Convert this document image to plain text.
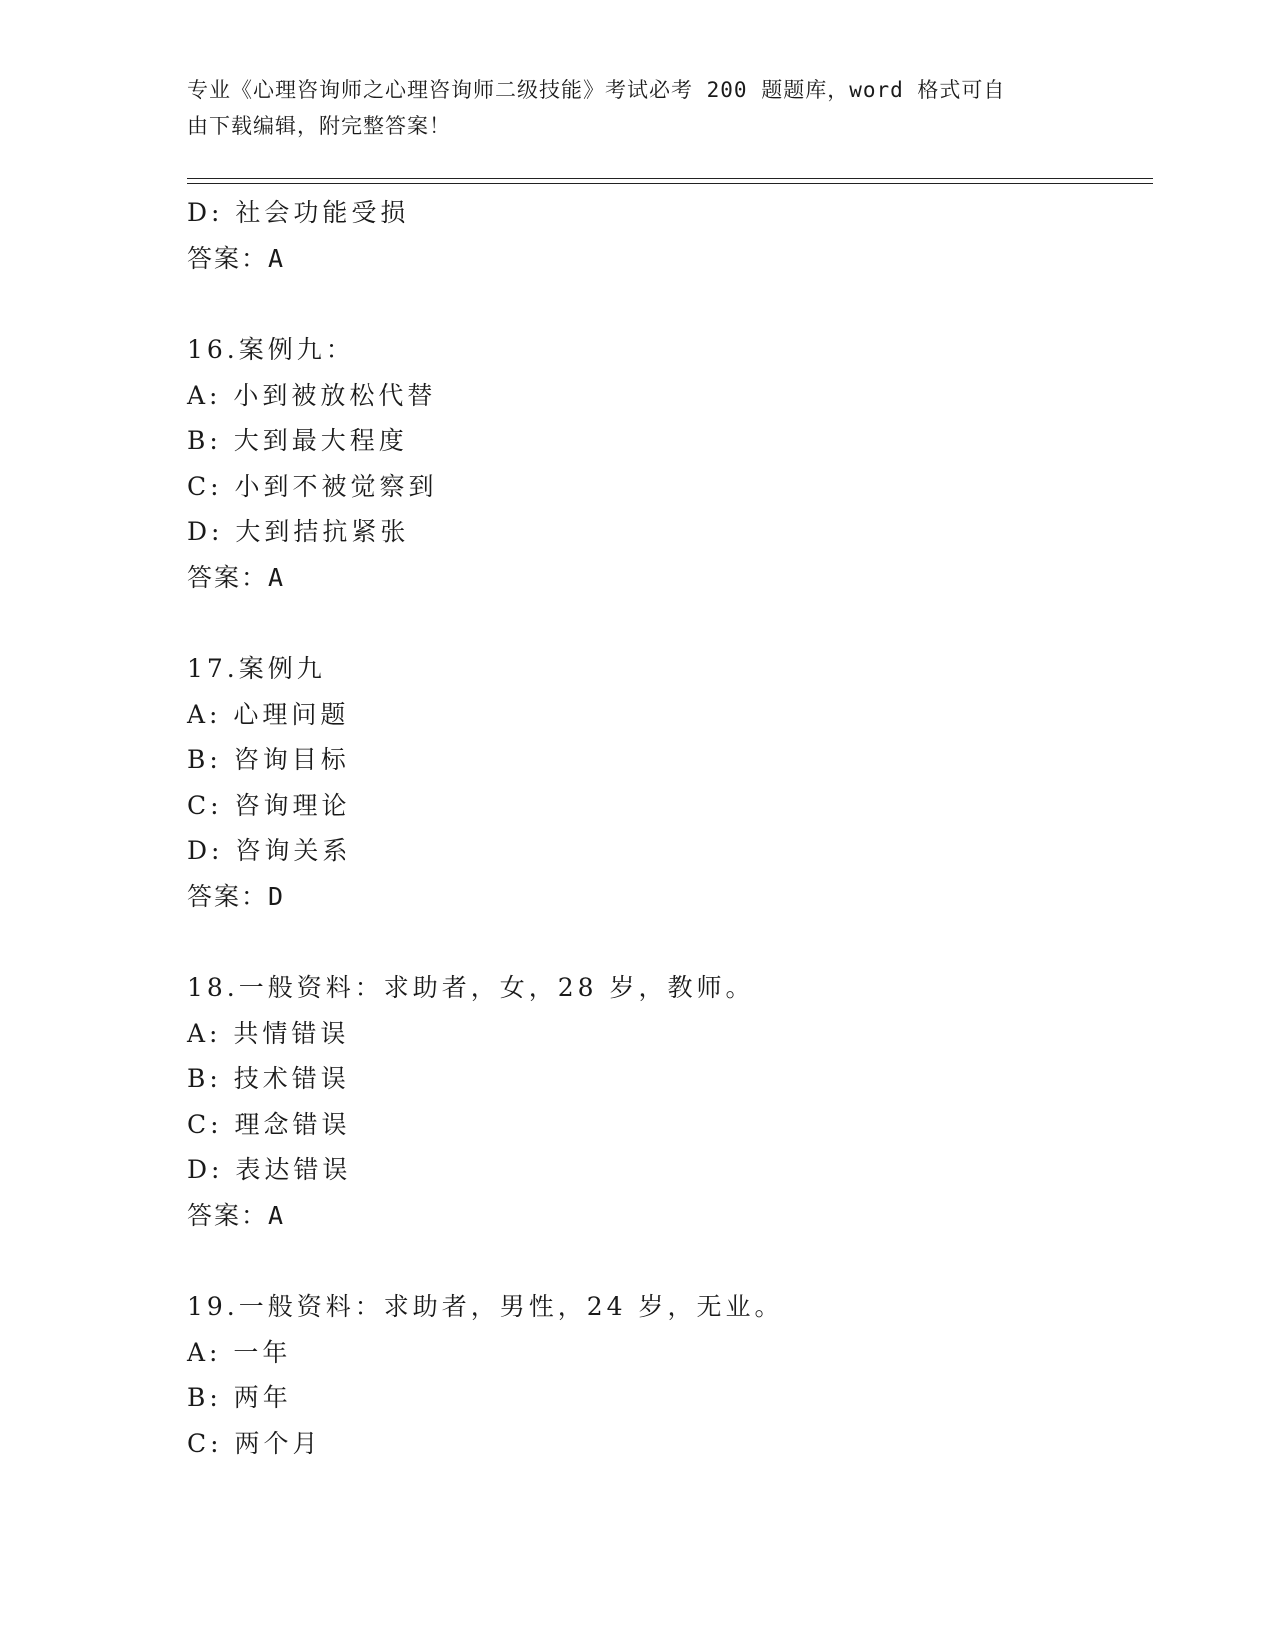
专业《心理咨询师之心理咨询师二级技能》考试必考 200 题题库，word 格式可自
由下载编辑，附完整答案！
D: 社会功能受损
答案：A
16.案例九：
A: 小到被放松代替
B: 大到最大程度
C: 小到不被觉察到
D: 大到拮抗紧张
答案：A
17.案例九
A: 心理问题
B: 咨询目标
C: 咨询理论
D: 咨询关系
答案：D
18.一般资料：求助者，女，28 岁，教师。
A: 共情错误
B: 技术错误
C: 理念错误
D: 表达错误
答案：A
19.一般资料：求助者，男性，24 岁，无业。
A: 一年
B: 两年
C: 两个月
